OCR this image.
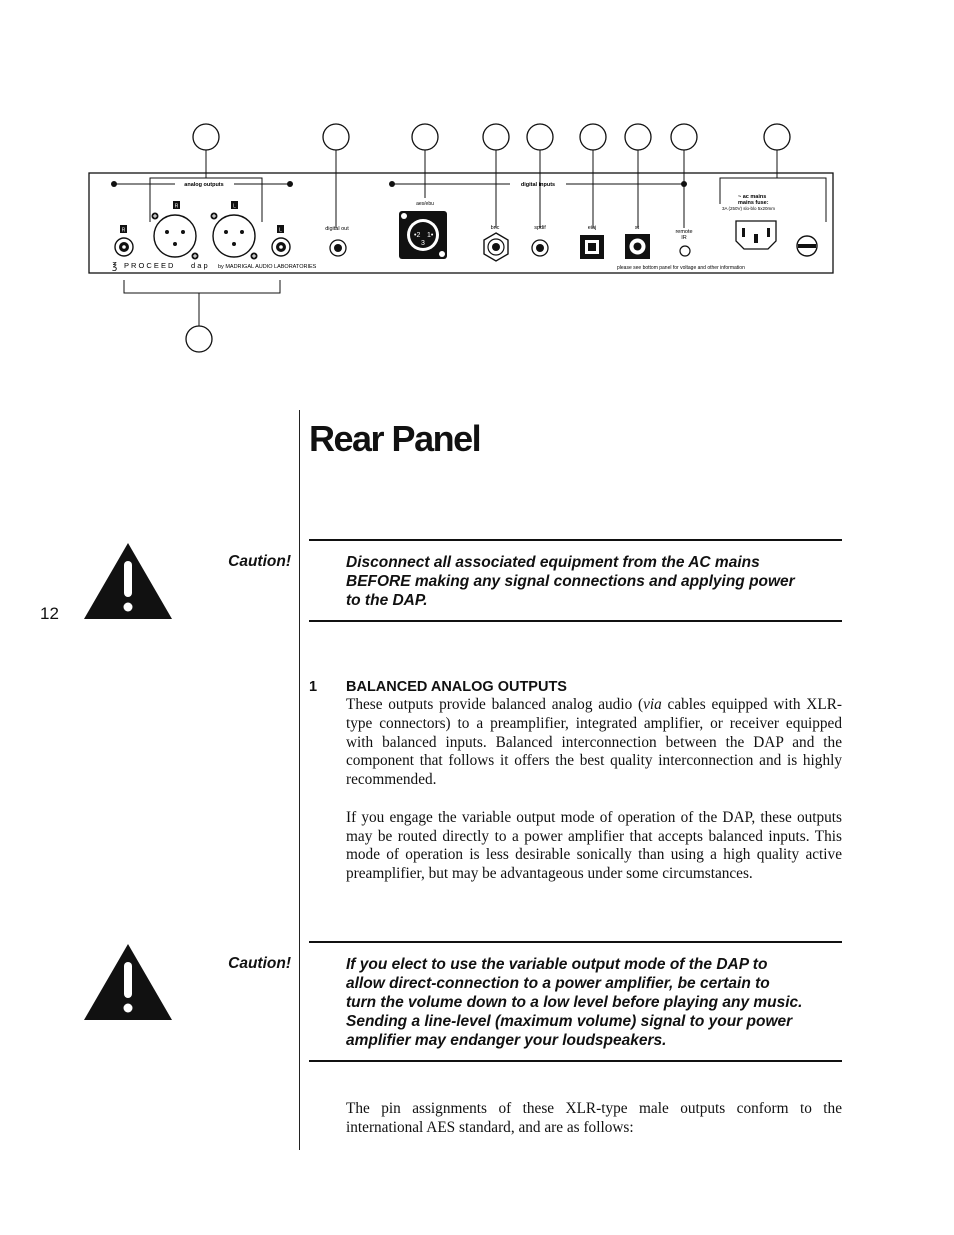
analog outputs	digital inputs
R	L
R	L
digital out
aes/ebu
•2 1•
3
bnc	spdif	eiaj	st
remote
IR
~ ac mains
mains fuse:
3A (250V) slo-blo 5x20mm
℥ P R O C E E D d a p by MADRIGAL AUDIO LABORATORIES	please see bottom panel for voltage and other information
12
Rear Panel
Caution!	Disconnect all associated equipment from the AC mains
BEFORE making any signal connections and applying power
to the DAP.
1 BALANCED ANALOG OUTPUTS

These outputs provide balanced analog audio (via cables equipped with XLR-type connectors) to a preamplifier, integrated amplifier, or receiver equipped with balanced inputs. Balanced interconnection between the DAP and the component that follows it offers the best quality interconnection and is highly recommended.

If you engage the variable output mode of operation of the DAP, these outputs may be routed directly to a power amplifier that accepts balanced inputs. This mode of operation is less desirable sonically than using a high quality active preamplifier, but may be advantageous under some circumstances.

Caution!	If you elect to use the variable output mode of the DAP to
allow direct-connection to a power amplifier, be certain to
turn the volume down to a low level before playing any music.
Sending a line-level (maximum volume) signal to your power
amplifier may endanger your loudspeakers.
The pin assignments of these XLR-type male outputs conform to the international AES standard, and are as follows:
